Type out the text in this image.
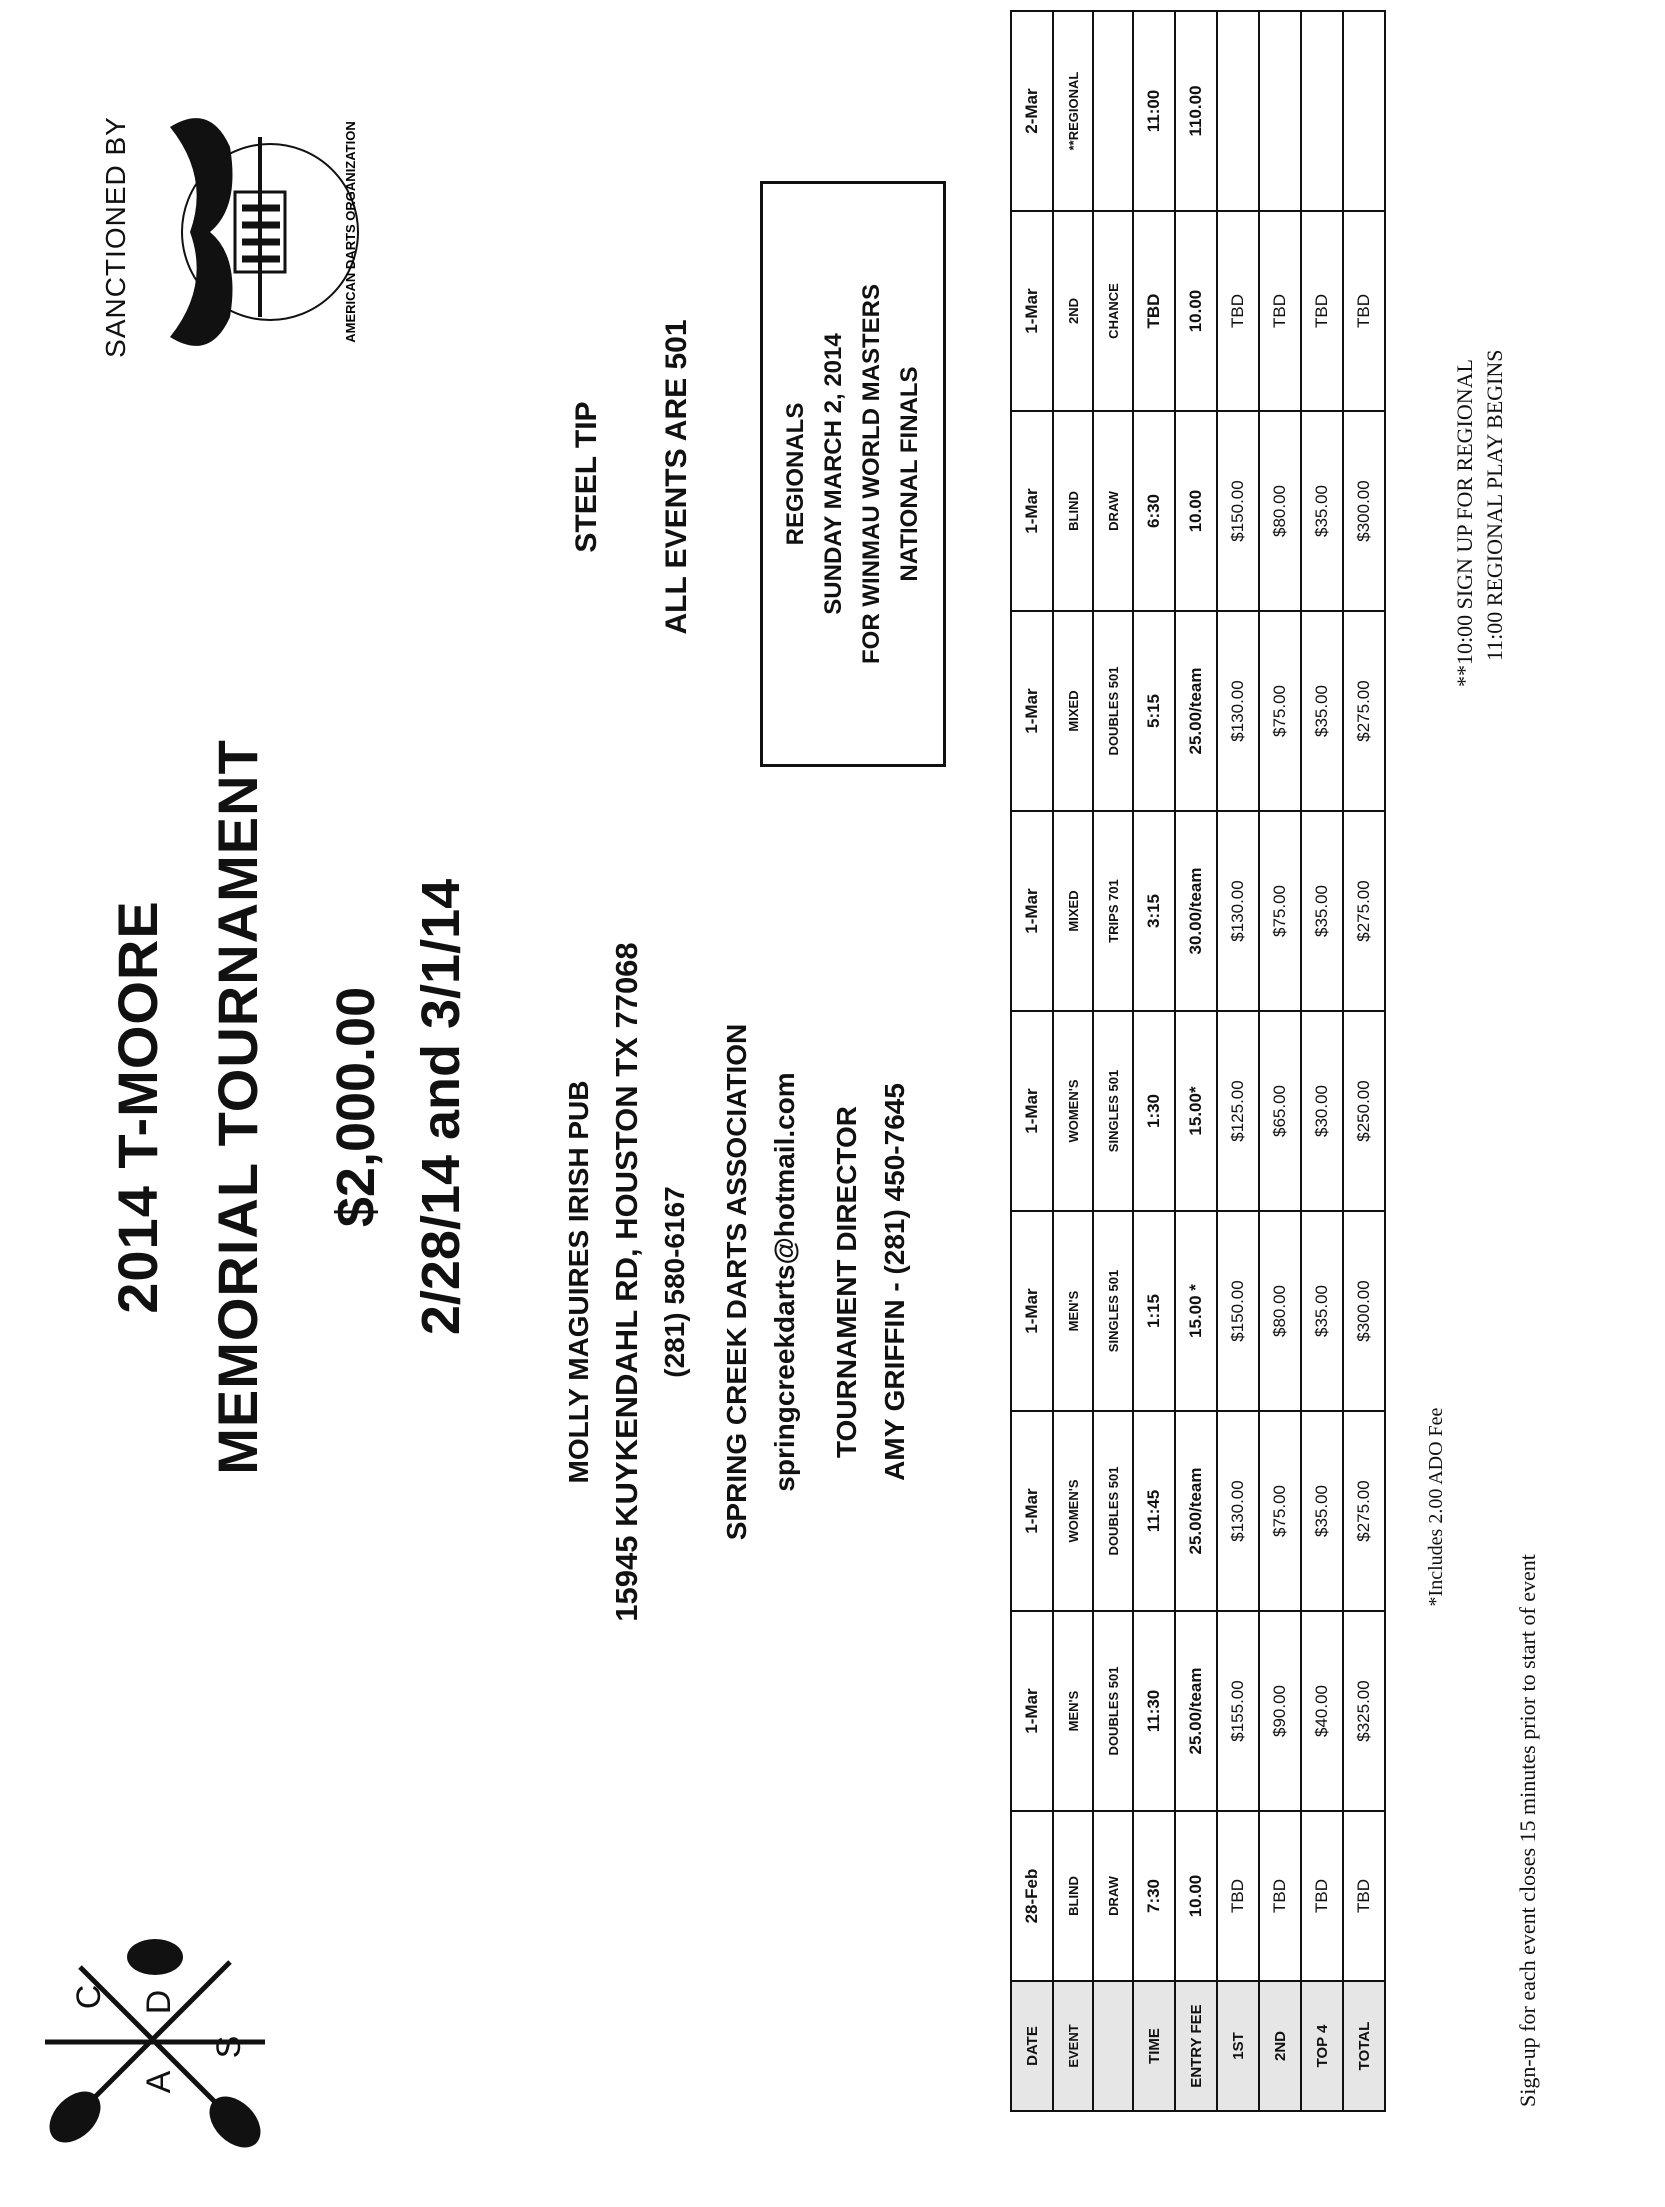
C D
A
S
2014 T-MOORE MEMORIAL TOURNAMENT $2,000.00 2/28/14 and 3/1/14
SANCTIONED BY	AMERICAN DARTS ORGANIZATION
MOLLY MAGUIRES IRISH PUB 15945 KUYKENDAHL RD, HOUSTON TX 77068 (281) 580-6167	SPRING CREEK DARTS ASSOCIATION springcreekdarts@hotmail.com	TOURNAMENT DIRECTOR AMY GRIFFIN - (281) 450-7645
STEEL TIP ALL EVENTS ARE 501	REGIONALS SUNDAY MARCH 2, 2014 FOR WINMAU WORLD MASTERS NATIONAL FINALS
DATE	28-Feb	1-Mar	1-Mar	1-Mar	1-Mar	1-Mar	1-Mar	1-Mar	1-Mar	2-Mar
EVENT	BLIND	MEN'S	WOMEN'S	MEN'S	WOMEN'S	MIXED	MIXED	BLIND	2ND	**REGIONAL
	DRAW	DOUBLES 501	DOUBLES 501	SINGLES 501	SINGLES 501	TRIPS 701	DOUBLES 501	DRAW	CHANCE	
TIME	7:30	11:30	11:45	1:15	1:30	3:15	5:15	6:30	TBD	11:00
ENTRY FEE	10.00	25.00/team	25.00/team	15.00 *	15.00*	30.00/team	25.00/team	10.00	10.00	110.00
1ST	TBD	$155.00	$130.00	$150.00	$125.00	$130.00	$130.00	$150.00	TBD	
2ND	TBD	$90.00	$75.00	$80.00	$65.00	$75.00	$75.00	$80.00	TBD	
TOP 4	TBD	$40.00	$35.00	$35.00	$30.00	$35.00	$35.00	$35.00	TBD	
TOTAL	TBD	$325.00	$275.00	$300.00	$250.00	$275.00	$275.00	$300.00	TBD	
*Includes 2.00 ADO Fee
Sign-up for each event closes 15 minutes prior to start of event
**10:00 SIGN UP FOR REGIONAL 11:00 REGIONAL PLAY BEGINS
